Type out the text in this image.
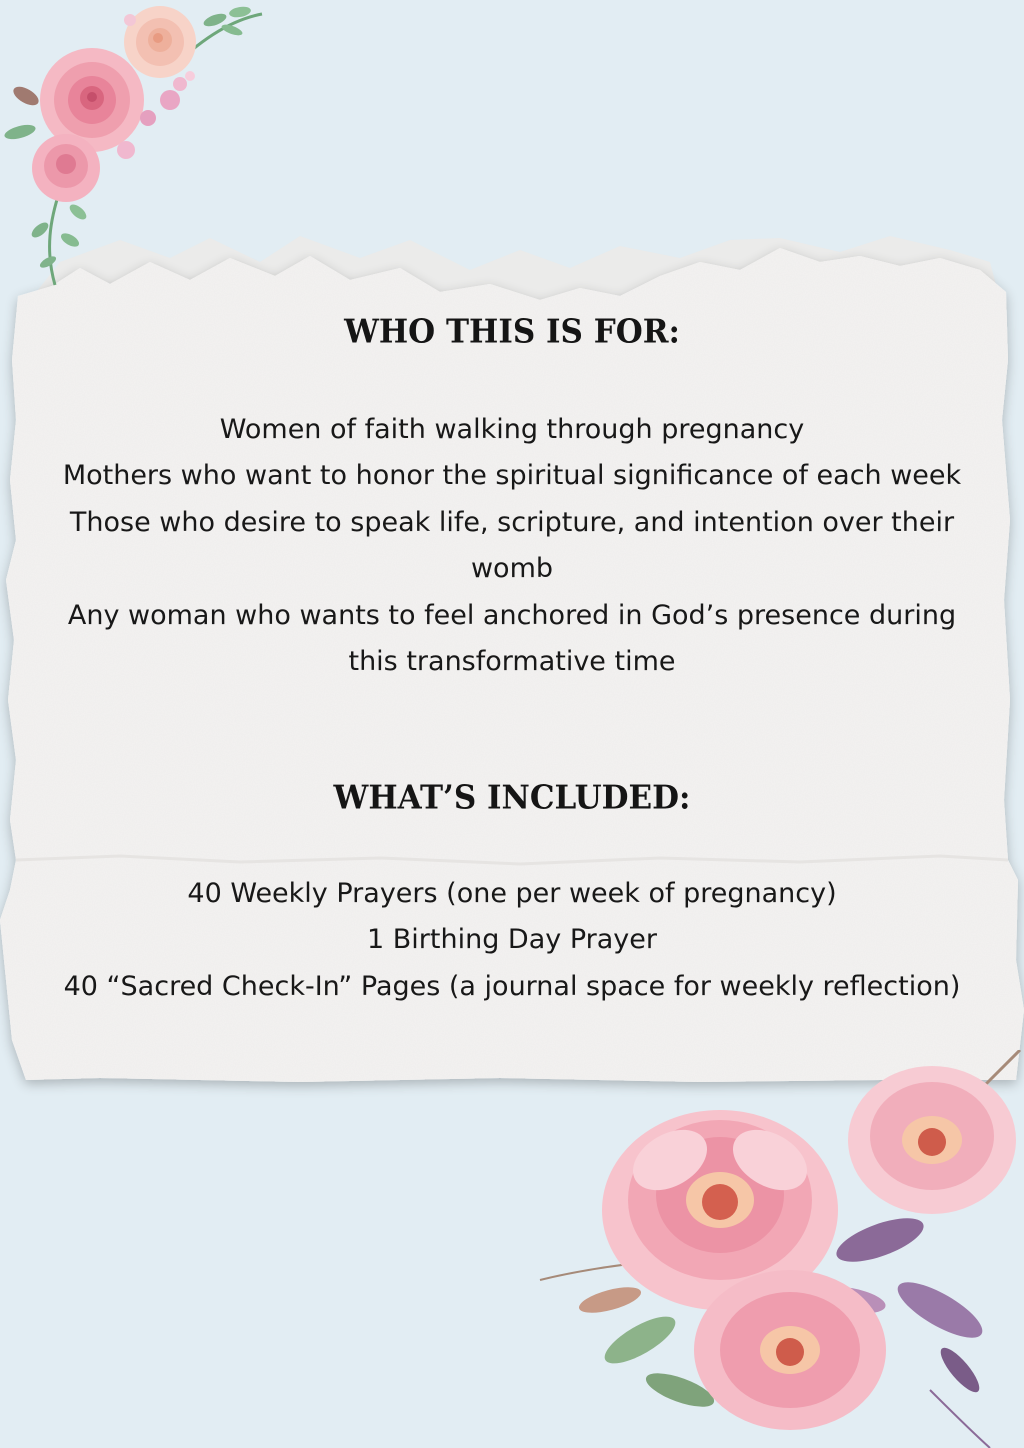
WHO THIS IS FOR:
Women of faith walking through pregnancy
Mothers who want to honor the spiritual significance of each week
Those who desire to speak life, scripture, and intention over their womb
Any woman who wants to feel anchored in God’s presence during this transformative time
WHAT’S INCLUDED:
40 Weekly Prayers (one per week of pregnancy)
1 Birthing Day Prayer
40 “Sacred Check-In” Pages (a journal space for weekly reflection)
